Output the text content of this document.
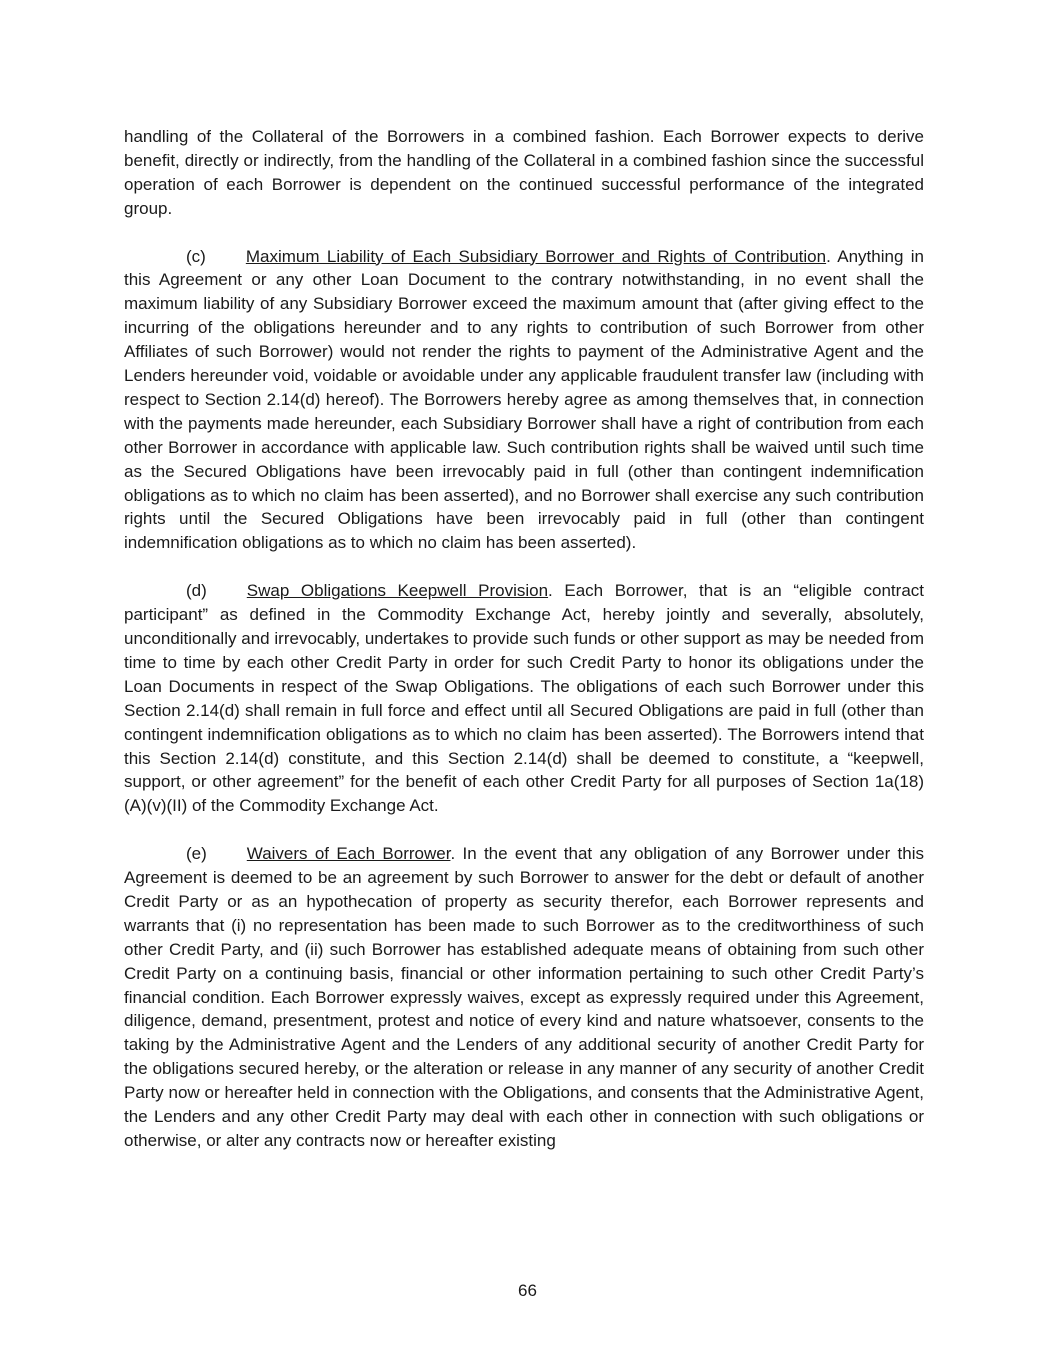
handling of the Collateral of the Borrowers in a combined fashion. Each Borrower expects to derive benefit, directly or indirectly, from the handling of the Collateral in a combined fashion since the successful operation of each Borrower is dependent on the continued successful performance of the integrated group.

(c) Maximum Liability of Each Subsidiary Borrower and Rights of Contribution. Anything in this Agreement or any other Loan Document to the contrary notwithstanding, in no event shall the maximum liability of any Subsidiary Borrower exceed the maximum amount that (after giving effect to the incurring of the obligations hereunder and to any rights to contribution of such Borrower from other Affiliates of such Borrower) would not render the rights to payment of the Administrative Agent and the Lenders hereunder void, voidable or avoidable under any applicable fraudulent transfer law (including with respect to Section 2.14(d) hereof). The Borrowers hereby agree as among themselves that, in connection with the payments made hereunder, each Subsidiary Borrower shall have a right of contribution from each other Borrower in accordance with applicable law. Such contribution rights shall be waived until such time as the Secured Obligations have been irrevocably paid in full (other than contingent indemnification obligations as to which no claim has been asserted), and no Borrower shall exercise any such contribution rights until the Secured Obligations have been irrevocably paid in full (other than contingent indemnification obligations as to which no claim has been asserted).

(d) Swap Obligations Keepwell Provision. Each Borrower, that is an “eligible contract participant” as defined in the Commodity Exchange Act, hereby jointly and severally, absolutely, unconditionally and irrevocably, undertakes to provide such funds or other support as may be needed from time to time by each other Credit Party in order for such Credit Party to honor its obligations under the Loan Documents in respect of the Swap Obligations. The obligations of each such Borrower under this Section 2.14(d) shall remain in full force and effect until all Secured Obligations are paid in full (other than contingent indemnification obligations as to which no claim has been asserted). The Borrowers intend that this Section 2.14(d) constitute, and this Section 2.14(d) shall be deemed to constitute, a “keepwell, support, or other agreement” for the benefit of each other Credit Party for all purposes of Section 1a(18)(A)(v)(II) of the Commodity Exchange Act.

(e) Waivers of Each Borrower. In the event that any obligation of any Borrower under this Agreement is deemed to be an agreement by such Borrower to answer for the debt or default of another Credit Party or as an hypothecation of property as security therefor, each Borrower represents and warrants that (i) no representation has been made to such Borrower as to the creditworthiness of such other Credit Party, and (ii) such Borrower has established adequate means of obtaining from such other Credit Party on a continuing basis, financial or other information pertaining to such other Credit Party’s financial condition. Each Borrower expressly waives, except as expressly required under this Agreement, diligence, demand, presentment, protest and notice of every kind and nature whatsoever, consents to the taking by the Administrative Agent and the Lenders of any additional security of another Credit Party for the obligations secured hereby, or the alteration or release in any manner of any security of another Credit Party now or hereafter held in connection with the Obligations, and consents that the Administrative Agent, the Lenders and any other Credit Party may deal with each other in connection with such obligations or otherwise, or alter any contracts now or hereafter existing

66
